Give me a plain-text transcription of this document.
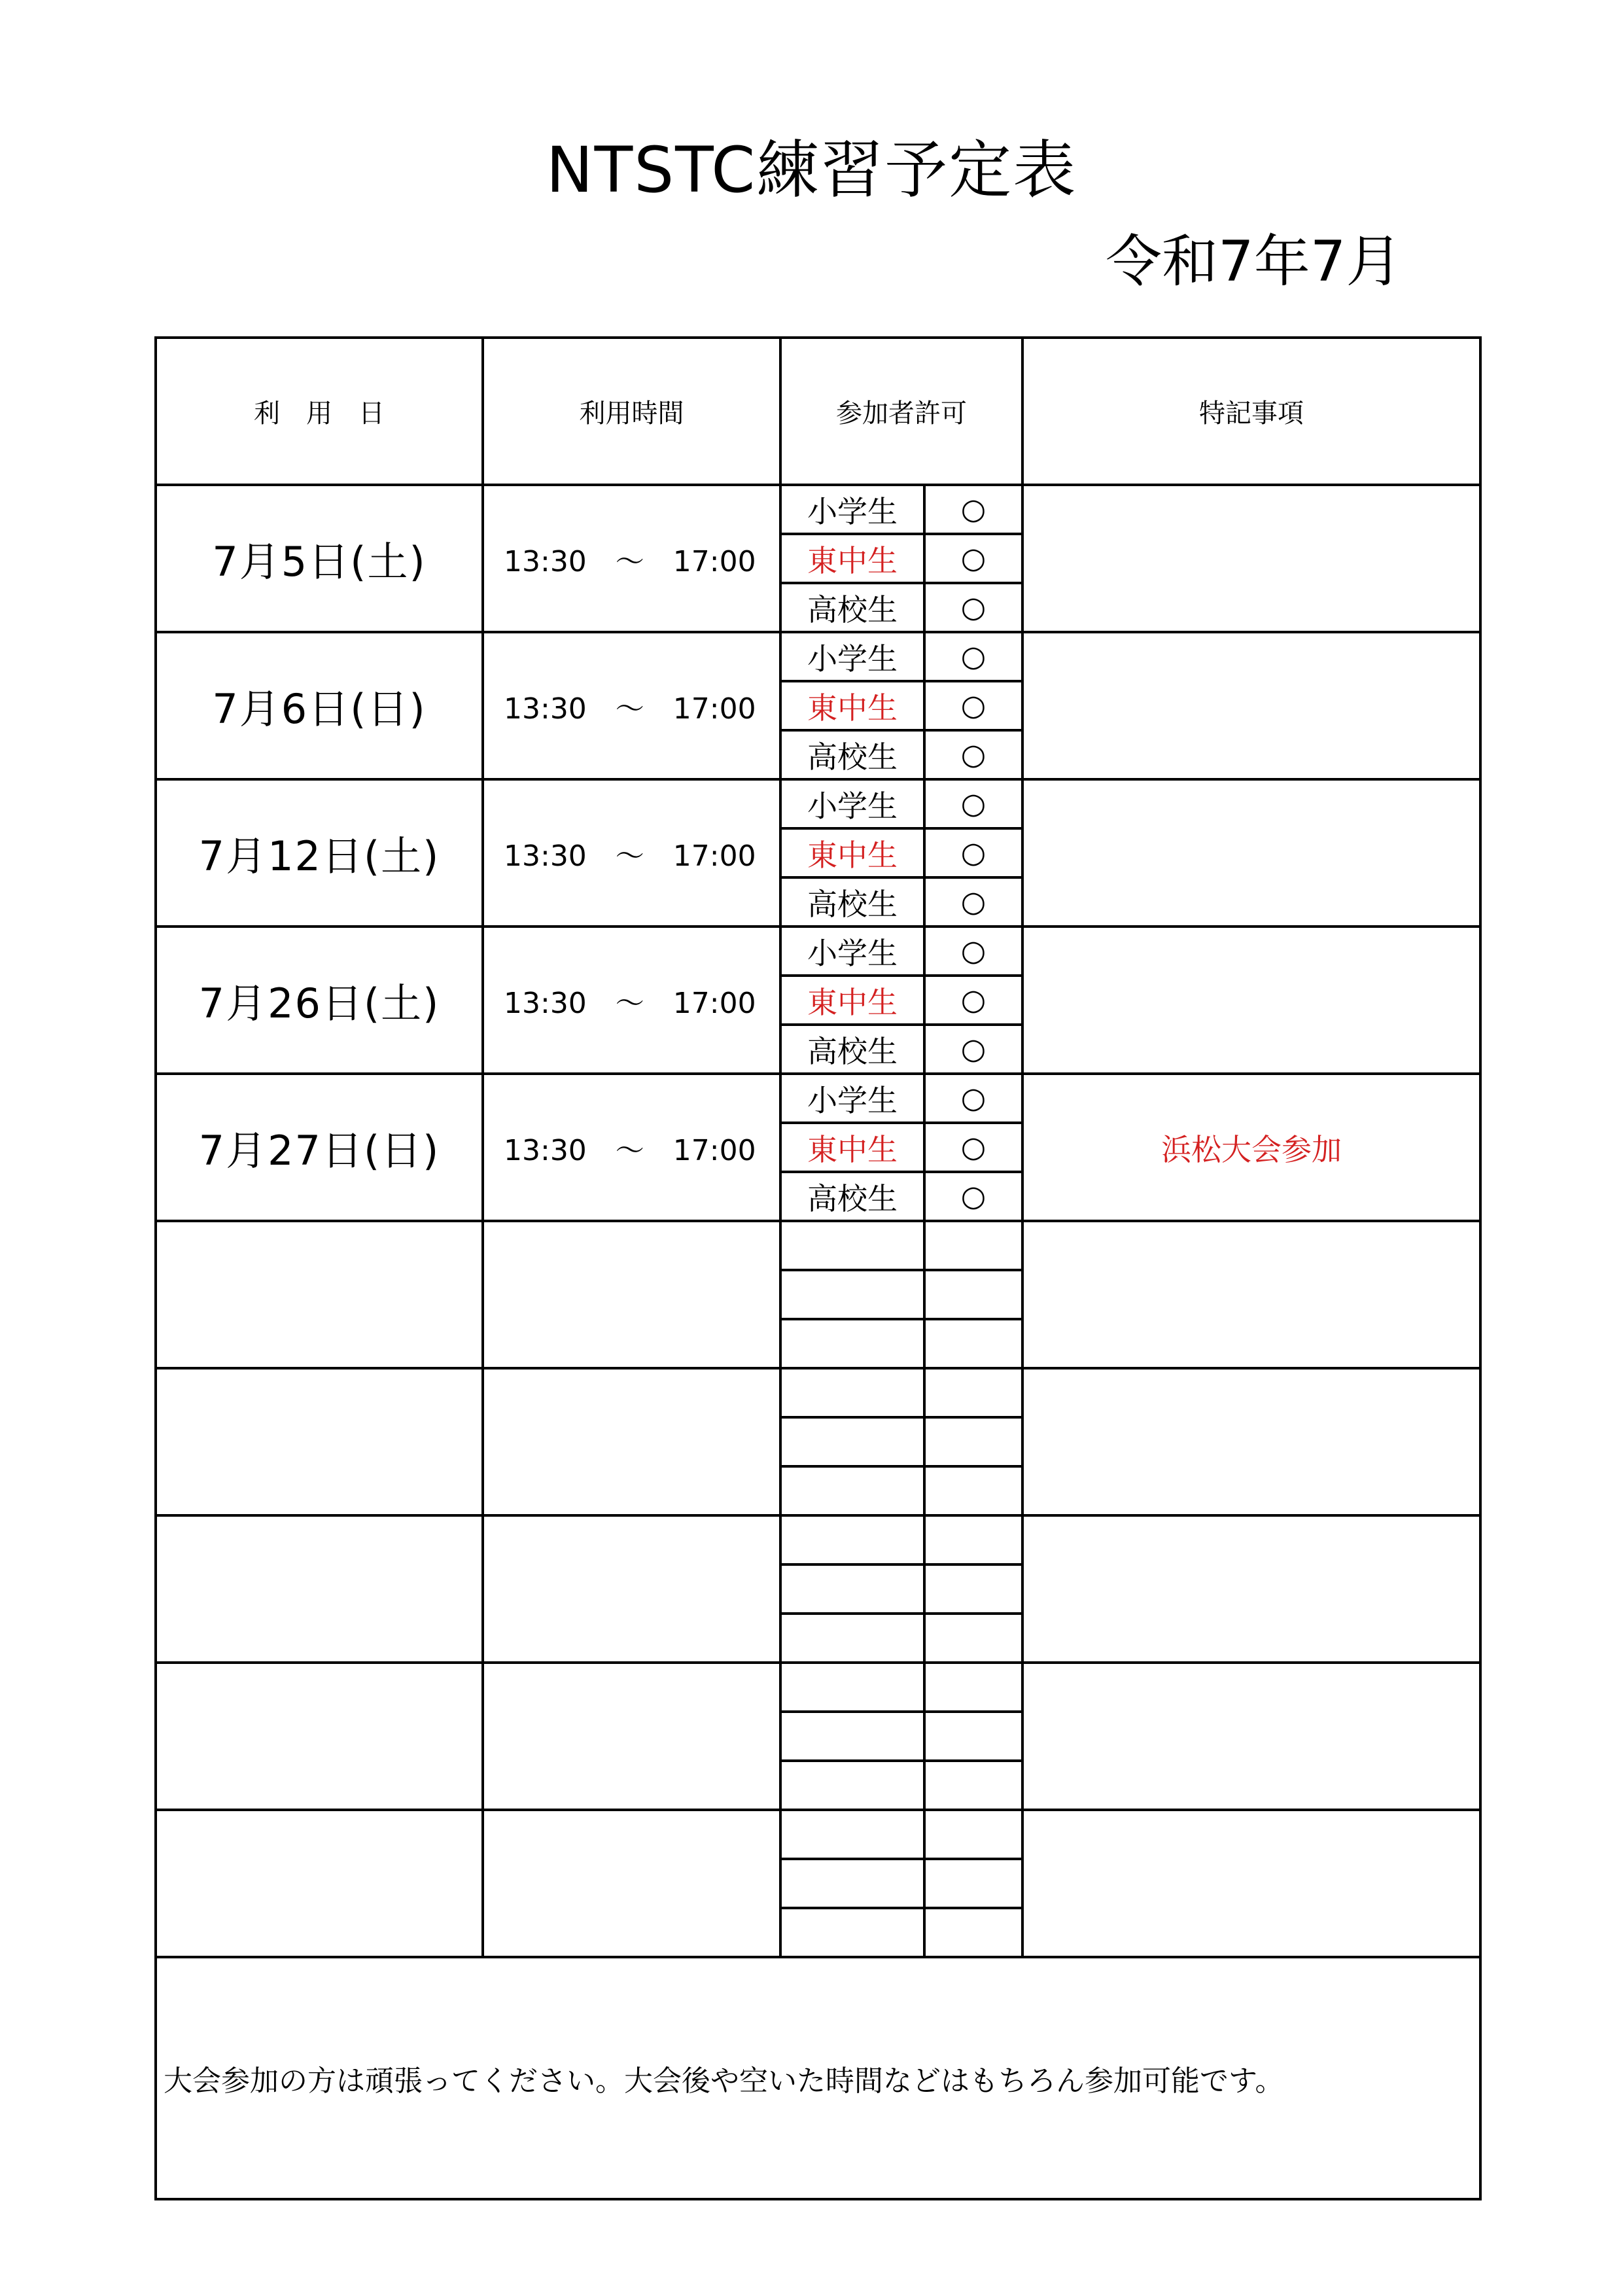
NTSTC練習予定表
令和7年7月
利　用　日	利用時間	参加者許可		特記事項
7月5日(土)	13:30　～　17:00	小学生	○	
		東中生	○	
		高校生	○	
7月6日(日)	13:30　～　17:00	小学生	○	
		東中生	○	
		高校生	○	
7月12日(土)	13:30　～　17:00	小学生	○	
		東中生	○	
		高校生	○	
7月26日(土)	13:30　～　17:00	小学生	○	
		東中生	○	
		高校生	○	
7月27日(日)	13:30　～　17:00	小学生	○	浜松大会参加
		東中生	○	
		高校生	○	

大会参加の方は頑張ってください。大会後や空いた時間などはもちろん参加可能です。				
